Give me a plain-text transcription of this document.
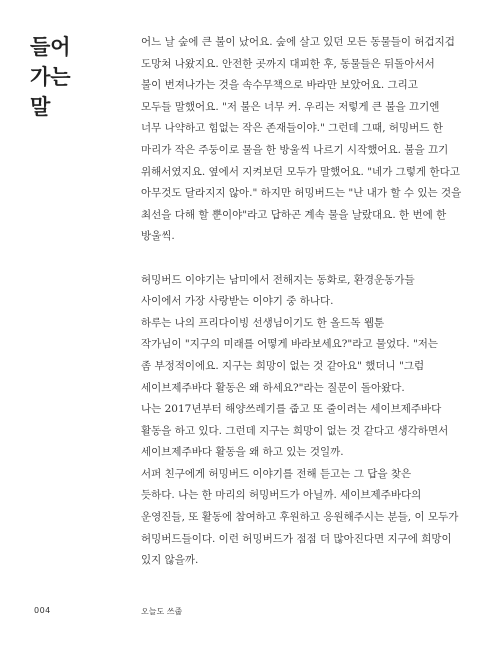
들어
가는
말

어느 날 숲에 큰 불이 났어요. 숲에 살고 있던 모든 동물들이 허겁지겁
도망쳐 나왔지요. 안전한 곳까지 대피한 후, 동물들은 뒤돌아서서
불이 번져나가는 것을 속수무책으로 바라만 보았어요. 그리고
모두들 말했어요. "저 불은 너무 커. 우리는 저렇게 큰 불을 끄기엔
너무 나약하고 힘없는 작은 존재들이야." 그런데 그때, 허밍버드 한
마리가 작은 주둥이로 물을 한 방울씩 나르기 시작했어요. 불을 끄기
위해서였지요. 옆에서 지켜보던 모두가 말했어요. "네가 그렇게 한다고
아무것도 달라지지 않아." 하지만 허밍버드는 "난 내가 할 수 있는 것을
최선을 다해 할 뿐이야"라고 답하곤 계속 물을 날랐대요. 한 번에 한
방울씩.

허밍버드 이야기는 남미에서 전해지는 동화로, 환경운동가들
사이에서 가장 사랑받는 이야기 중 하나다.

하루는 나의 프리다이빙 선생님이기도 한 올드독 웹툰
작가님이 "지구의 미래를 어떻게 바라보세요?"라고 물었다. "저는
좀 부정적이에요. 지구는 희망이 없는 것 같아요" 했더니 "그럼
세이브제주바다 활동은 왜 하세요?"라는 질문이 돌아왔다.

나는 2017년부터 해양쓰레기를 줍고 또 줄이려는 세이브제주바다
활동을 하고 있다. 그런데 지구는 희망이 없는 것 같다고 생각하면서
세이브제주바다 활동을 왜 하고 있는 것일까.

서퍼 친구에게 허밍버드 이야기를 전해 듣고는 그 답을 찾은
듯하다. 나는 한 마리의 허밍버드가 아닐까. 세이브제주바다의
운영진들, 또 활동에 참여하고 후원하고 응원해주시는 분들, 이 모두가
허밍버드들이다. 이런 허밍버드가 점점 더 많아진다면 지구에 희망이
있지 않을까.

004	오늘도 쓰줍
